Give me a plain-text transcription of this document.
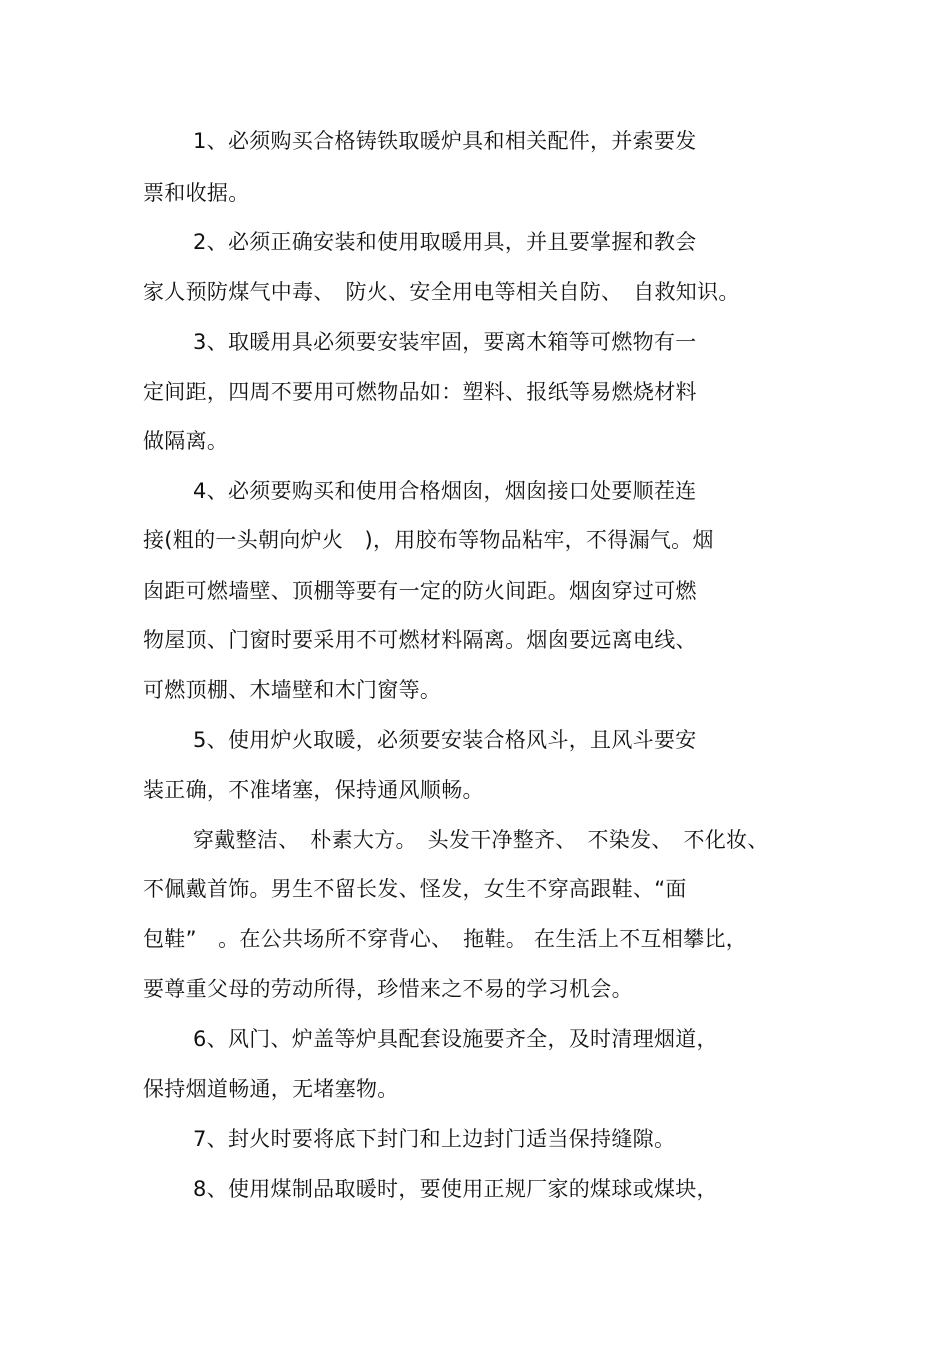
1、必须购买合格铸铁取暖炉具和相关配件，并索要发
票和收据。
2、必须正确安装和使用取暖用具，并且要掌握和教会
家人预防煤气中毒、　防火、安全用电等相关自防、　自救知识。
3、取暖用具必须要安装牢固，要离木箱等可燃物有一
定间距，四周不要用可燃物品如：塑料、报纸等易燃烧材料
做隔离。
4、必须要购买和使用合格烟囱，烟囱接口处要顺茬连
接(粗的一头朝向炉火　)，用胶布等物品粘牢，不得漏气。烟
囱距可燃墙壁、顶棚等要有一定的防火间距。烟囱穿过可燃
物屋顶、门窗时要采用不可燃材料隔离。烟囱要远离电线、
可燃顶棚、木墙壁和木门窗等。
5、使用炉火取暖，必须要安装合格风斗，且风斗要安
装正确，不准堵塞，保持通风顺畅。
穿戴整洁、　朴素大方。　头发干净整齐、　不染发、　不化妆、
不佩戴首饰。男生不留长发、怪发，女生不穿高跟鞋、“面
包鞋”　。在公共场所不穿背心、　拖鞋。 在生活上不互相攀比，
要尊重父母的劳动所得，珍惜来之不易的学习机会。
6、风门、炉盖等炉具配套设施要齐全，及时清理烟道，
保持烟道畅通，无堵塞物。
7、封火时要将底下封门和上边封门适当保持缝隙。
8、使用煤制品取暖时，要使用正规厂家的煤球或煤块，
